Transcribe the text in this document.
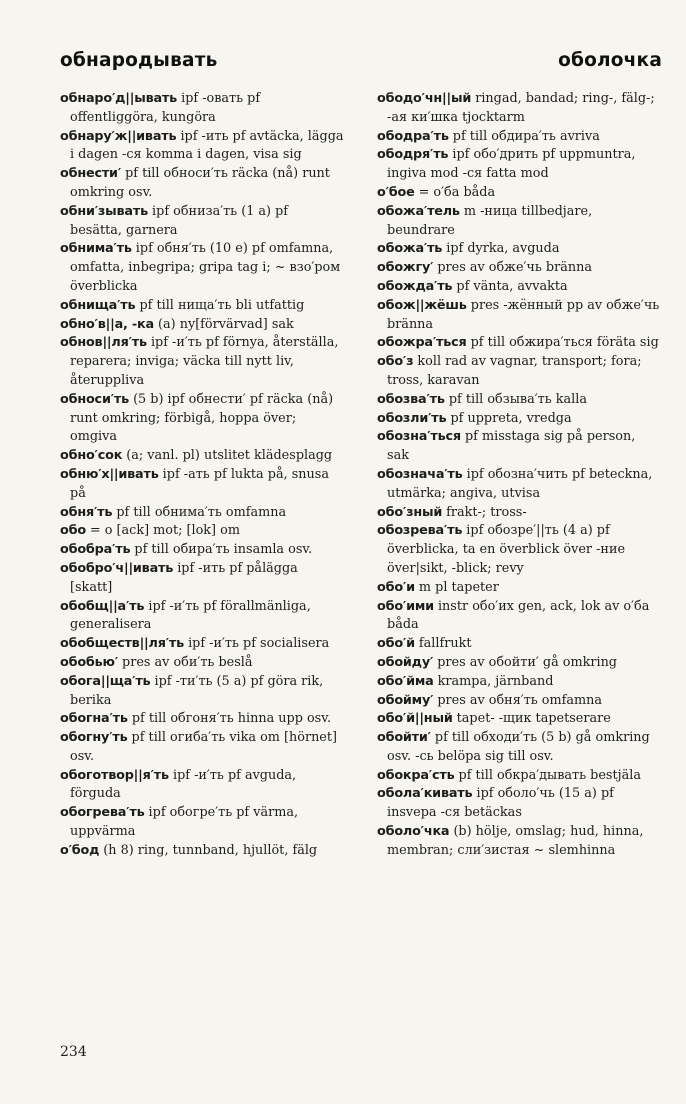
обнародывать	оболочка

обнаро′д||ывать ipf -овать pf offentliggöra, kungöra

обнару′ж||ивать ipf -ить pf avtäcka, lägga i dagen -ся komma i dagen, visa sig

обнести′ pf till обноси′ть räcka (nå) runt omkring osv.

обни′зывать ipf обниза′ть (1 a) pf besätta, garnera

обнима′ть ipf обня′ть (10 e) pf omfamna, omfatta, inbegripa; gripa tag i; ~ взо′ром överblicka

обнища′ть pf till нища′ть bli utfattig

обно′в||а, -ка (a) ny[förvärvad] sak

обнов||ля′ть ipf -и′ть pf förnya, återställa, reparera; inviga; väcka till nytt liv, återuppliva

обноси′ть (5 b) ipf обнести′ pf räcka (nå) runt omkring; förbigå, hoppa över; omgiva

обно′сок (a; vanl. pl) utslitet klädesplagg

обню′х||ивать ipf -ать pf lukta på, snusa på

обня′ть pf till обнима′ть omfamna

обо = о [ack] mot; [lok] om

обобра′ть pf till обира′ть insamla osv.

обобро′ч||ивать ipf -ить pf pålägga [skatt]

обобщ||а′ть ipf -и′ть pf förallmänliga, generalisera

обобществ||ля′ть ipf -и′ть pf socialisera

обобью′ pres av оби′ть beslå

обога||ща′ть ipf -ти′ть (5 a) pf göra rik, berika

обогна′ть pf till обгоня′ть hinna upp osv.

обогну′ть pf till огиба′ть vika om [hörnet] osv.

обоготвор||я′ть ipf -и′ть pf avguda, förguda

обогрева′ть ipf обогре′ть pf värma, uppvärma

о′бод (h 8) ring, tunnband, hjullöt, fälg

ободо′чн||ый ringad, bandad; ring-, fälg-; -ая ки′шка tjocktarm

ободра′ть pf till обдира′ть avriva

ободря′ть ipf обо′дрить pf uppmuntra, ingiva mod -ся fatta mod

о′бое = о′ба båda

обожа′тель m -ница tillbedjare, beundrare

обожа′ть ipf dyrka, avguda

обожгу′ pres av обже′чь bränna

обожда′ть pf vänta, avvakta

обож||жёшь pres -жённый pp av обже′чь bränna

обожра′ться pf till обжира′ться föräta sig

обо′з koll rad av vagnar, transport; fora; tross, karavan

обозва′ть pf till обзыва′ть kalla

обозли′ть pf uppreta, vredga

обозна′ться pf misstaga sig på person, sak

обознача′ть ipf обозна′чить pf beteckna, utmärka; angiva, utvisa

обо′зный frakt-; tross-

обозрева′ть ipf обозре′||ть (4 a) pf överblicka, ta en överblick över -ние över|sikt, -blick; revy

обо′и m pl tapeter

обо′ими instr обо′их gen, ack, lok av о′ба båda

обо′й fallfrukt

обойду′ pres av обойти′ gå omkring

обо′йма krampa, järnband

обойму′ pres av обня′ть omfamna

обо′й||ный tapet- -щик tapetserare

обойти′ pf till обходи′ть (5 b) gå omkring osv. -сь belöpa sig till osv.

обокра′сть pf till обкра′дывать bestjäla

обола′кивать ipf оболо′чь (15 a) pf insvepa -ся betäckas

оболо′чка (b) hölje, omslag; hud, hinna, membran; сли′зистая ~ slemhinna

234
